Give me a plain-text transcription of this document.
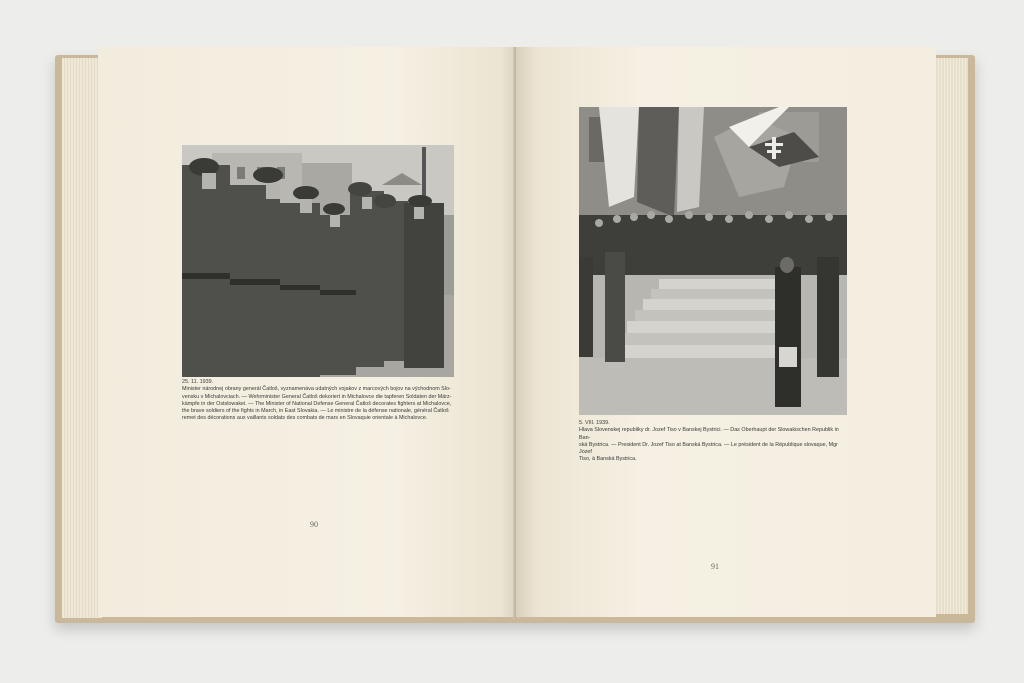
25. 11. 1939.
Minister národnej obrany generál Čatloš, vyznamenáva udatných vojakov z marcových bojov na východnom Slo-
vensku v Michalovciach. — Wehrminister General Čatloš dekoriert in Michalovce die tapferen Soldaten der März-
kämpfe in der Ostslowakei. — The Minister of National Defense General Čatloš decorates fighters at Michalovce,
the brave soldiers of the fights in March, in East Slovakia. — Le ministre de la défense nationale, général Čatloš
remet des décorations aux vaillants soldats des combats de mars en Slovaquie orientale à Michalovce.
90
5. VIII. 1939.
Hlava Slovenskej republiky dr. Jozef Tiso v Banskej Bystrici. — Das Oberhaupt der Slowakischen Republik in Ban-
ská Bystrica. — President Dr. Jozef Tiso at Banská Bystrica. — Le président de la République slovaque, Mgr Jozef
Tiso, à Banská Bystrica.
91
